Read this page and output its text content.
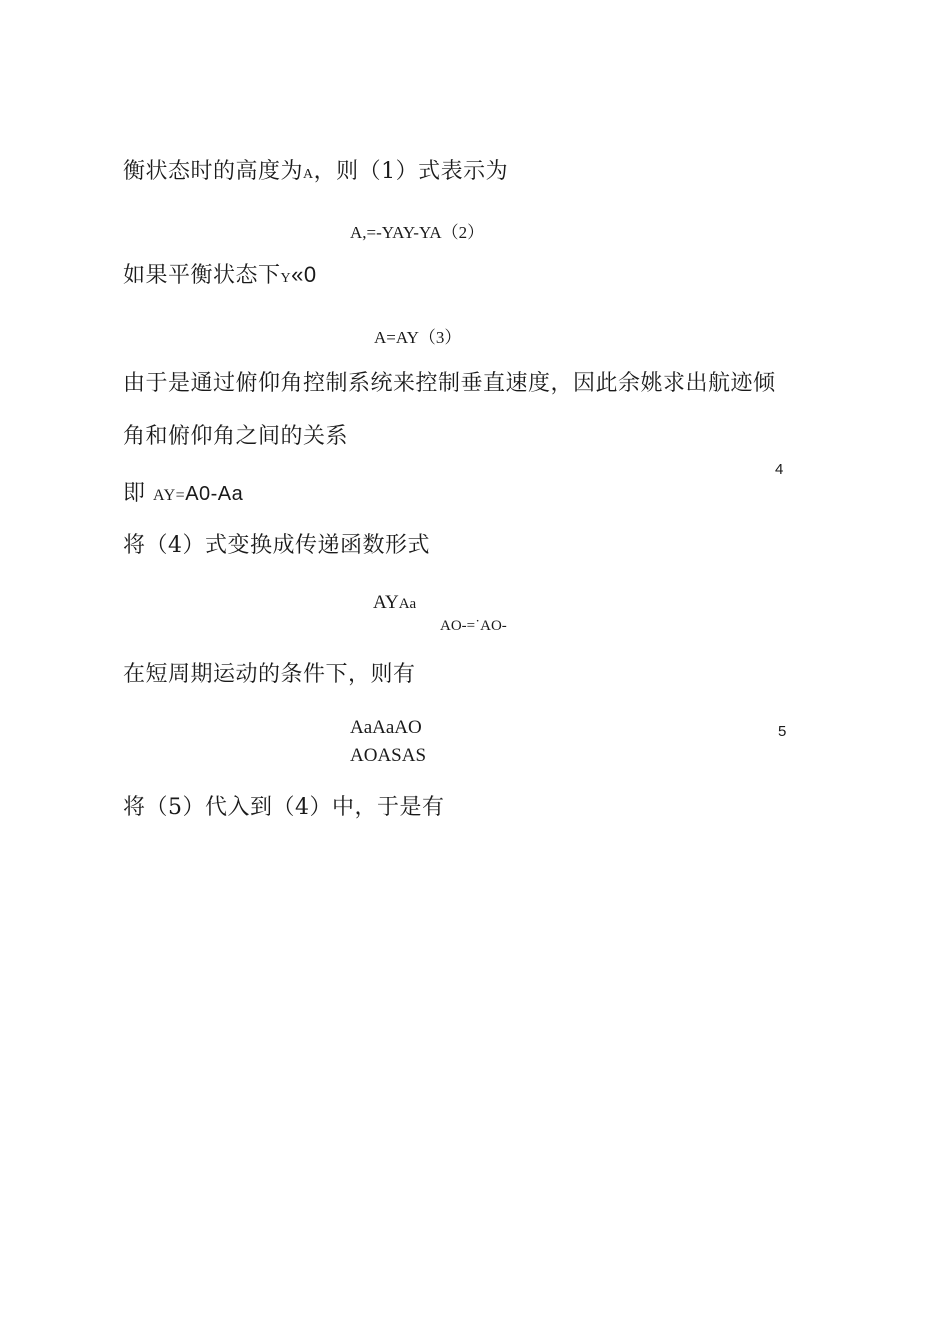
衡状态时的高度为A，则（1）式表示为
A,=-YAY-YA（2）
如果平衡状态下Y«0
A=AY（3）
由于是通过俯仰角控制系统来控制垂直速度，因此余姚求出航迹倾
角和俯仰角之间的关系
4
即 AY=A0-Aa
将（4）式变换成传递函数形式
AYAa
AO-=˙AO-
在短周期运动的条件下，则有
AaAaAO	5
AOASAS
将（5）代入到（4）中，于是有
